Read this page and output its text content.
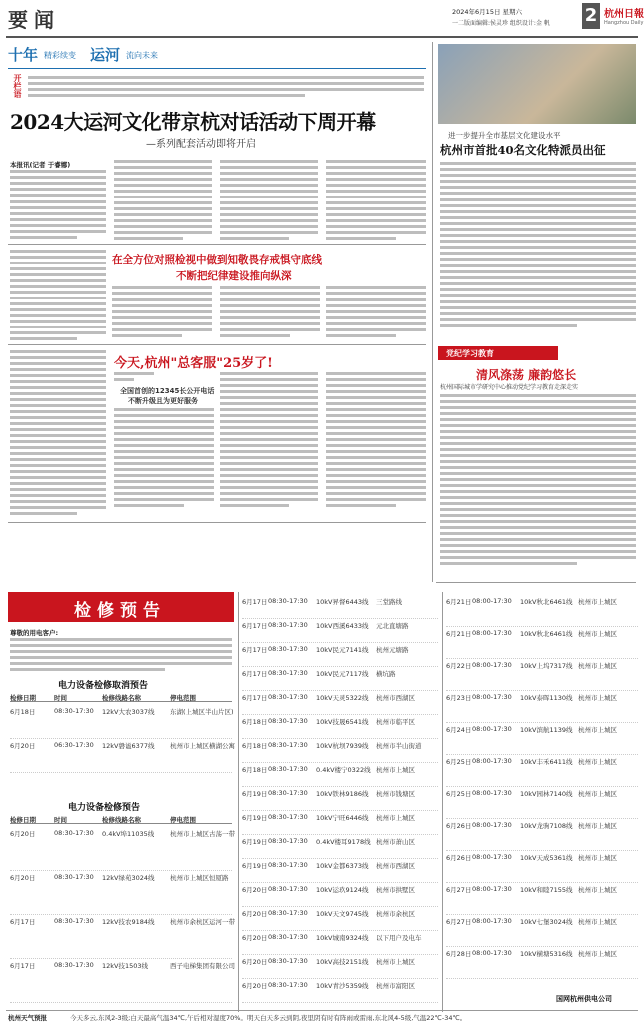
要闻	2024年6月15日 星期六
一二版面编辑:侯灵珍 组织设计:金 帆 2 杭州日報
Hangzhou Daily
十年 精彩续变 运河 流向未来
开栏语
2024大运河文化带京杭对话活动下周开幕
—系列配套活动即将开启
本报讯(记者 于睿娜)
在全方位对照检视中做到知敬畏存戒惧守底线
不断把纪律建设推向纵深
今天,杭州"总客服"25岁了!
全国首创的12345长公开电话
不断升级且为更好服务
进一步提升全市基层文化建设水平
杭州市首批40名文化特派员出征
党纪学习教育
清风涤荡 廉韵悠长
杭州国际城市学研究中心推动党纪学习教育走深走实
检修预告
尊敬的用电客户:
电力设备检修取消预告
检修日期	时间	检修线路名称	停电范围
6月18日	08:30-17:30 12kV大农3037线 东湖(上城区半山片区)
6月20日	06:30-17:30 12kV磐谧6377线 杭州市上城区横湖公寓
电力设备检修预告
检修日期	时间	检修线路名称	停电范围
6月20日	08:30-17:30 0.4kV埠11035线 杭州市上城区古荡一带
6月20日	08:30-17:30 12kV绿苑3024线 杭州市上城区恒厦路
6月17日	08:30-17:30 12kV技农9184线 杭州市余杭区运河一带
6月17日	08:30-17:30 12kV技1503线	西子电梯集团有限公司
6月17日 08:30-17:30 10kV昇督6443线 三堂路线
6月17日 08:30-17:30 10kV西溪6433线 元北直塘路
6月17日 08:30-17:30 10kV民元7141线 杭州元塘路
6月17日 08:30-17:30 10kV民元7117线 横坑路
6月17日 08:30-17:30 10kV天灵5322线 杭州市西湖区
6月18日 08:30-17:30 10kV技晟6541线 杭州市临平区
6月18日 08:30-17:30 10kV杭坝7939线 杭州市半山街道
6月18日 08:30-17:30 0.4kV楼宁0322线 杭州市上城区
6月19日 08:30-17:30 10kV铁林9186线 杭州市钱塘区
6月19日 08:30-17:30 10kV宁旺6446线 杭州市上城区
6月19日 08:30-17:30 0.4kV楼耳9178线 杭州市萧山区
6月19日 08:30-17:30 10kV金都6373线 杭州市西湖区
6月20日 08:30-17:30 10kV运玖9124线 杭州市拱墅区
6月20日 08:30-17:30 10kV天文9745线 杭州市余杭区
6月20日 08:30-17:30 10kV城南9324线 以下用户及电车
6月20日 08:30-17:30 10kV高技2151线 杭州市上城区
6月20日 08:30-17:30 10kV青沙5359线 杭州市富阳区
6月21日 08:00-17:30 10kV秋北6461线 杭州市上城区
6月21日 08:00-17:30 10kV秋北6461线 杭州市上城区
6月22日 08:00-17:30 10kV上坞7317线 杭州市上城区
6月23日 08:00-17:30 10kV泰晖1130线 杭州市上城区
6月24日 08:00-17:30 10kV滨航1139线 杭州市上城区
6月25日 08:00-17:30 10kV丰禾6411线 杭州市上城区
6月25日 08:00-17:30 10kV园林7140线 杭州市上城区
6月26日 08:00-17:30 10kV龙驹7108线 杭州市上城区
6月26日 08:00-17:30 10kV天成5361线 杭州市上城区
6月27日 08:00-17:30 10kV和睦7155线 杭州市上城区
6月27日 08:00-17:30 10kV七堡3024线 杭州市上城区
6月28日 08:00-17:30 10kV横塘5316线 杭州市上城区
国网杭州供电公司
杭州天气预报	今天多云,东风2-3级;白天最高气温34℃,午后相对湿度70%。明天白天多云到阴,夜里阴有时有阵雨或雷雨,东北风4-5级,气温22℃-34℃。
